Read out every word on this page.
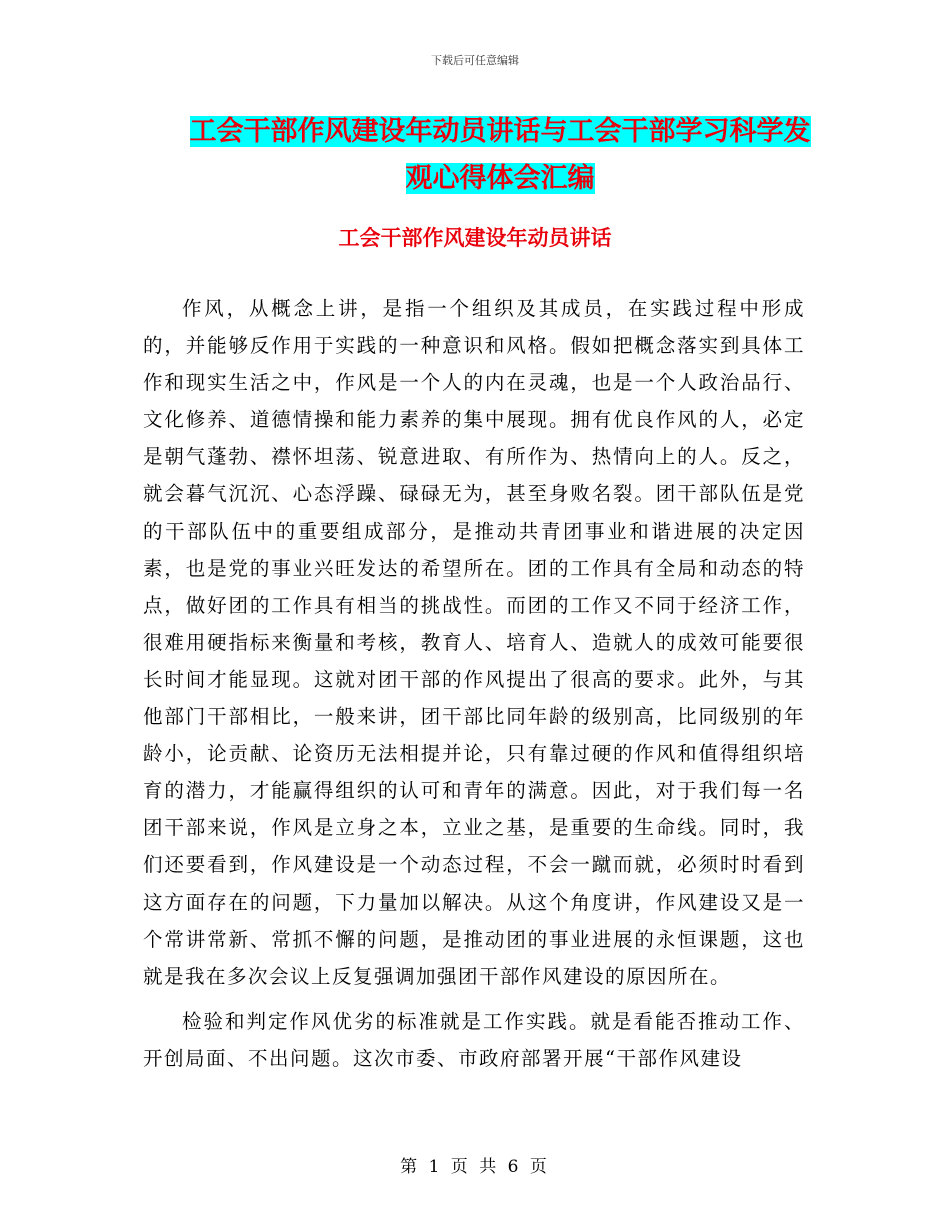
下载后可任意编辑
工会干部作风建设年动员讲话与工会干部学习科学发
观心得体会汇编
工会干部作风建设年动员讲话

作风，从概念上讲，是指一个组织及其成员，在实践过程中形成的，并能够反作用于实践的一种意识和风格。假如把概念落实到具体工作和现实生活之中，作风是一个人的内在灵魂，也是一个人政治品行、文化修养、道德情操和能力素养的集中展现。拥有优良作风的人，必定是朝气蓬勃、襟怀坦荡、锐意进取、有所作为、热情向上的人。反之，就会暮气沉沉、心态浮躁、碌碌无为，甚至身败名裂。团干部队伍是党的干部队伍中的重要组成部分，是推动共青团事业和谐进展的决定因素，也是党的事业兴旺发达的希望所在。团的工作具有全局和动态的特点，做好团的工作具有相当的挑战性。而团的工作又不同于经济工作，很难用硬指标来衡量和考核，教育人、培育人、造就人的成效可能要很长时间才能显现。这就对团干部的作风提出了很高的要求。此外，与其他部门干部相比，一般来讲，团干部比同年龄的级别高，比同级别的年龄小，论贡献、论资历无法相提并论，只有靠过硬的作风和值得组织培育的潜力，才能赢得组织的认可和青年的满意。因此，对于我们每一名团干部来说，作风是立身之本，立业之基，是重要的生命线。同时，我们还要看到，作风建设是一个动态过程，不会一蹴而就，必须时时看到这方面存在的问题，下力量加以解决。从这个角度讲，作风建设又是一个常讲常新、常抓不懈的问题，是推动团的事业进展的永恒课题，这也就是我在多次会议上反复强调加强团干部作风建设的原因所在。

检验和判定作风优劣的标准就是工作实践。就是看能否推动工作、开创局面、不出问题。这次市委、市政府部署开展“干部作风建设

第 1 页 共 6 页
